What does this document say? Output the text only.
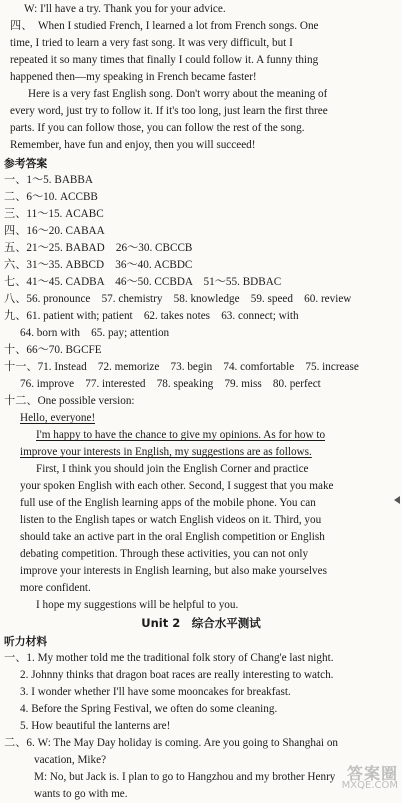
W: I'll have a try. Thank you for your advice.
四、　When I studied French, I learned a lot from French songs. One
time, I tried to learn a very fast song. It was very difficult, but I
repeated it so many times that finally I could follow it. A funny thing
happened then—my speaking in French became faster!
Here is a very fast English song. Don't worry about the meaning of
every word, just try to follow it. If it's too long, just learn the first three
parts. If you can follow those, you can follow the rest of the song.
Remember, have fun and enjoy, then you will succeed!
参考答案
一、1～5. BABBA
二、6～10. ACCBB
三、11～15. ACABC
四、16～20. CABAA
五、21～25. BABAD　26～30. CBCCB
六、31～35. ABBCD　36～40. ACBDC
七、41～45. CADBA　46～50. CCBDA　51～55. BDBAC
八、56. pronounce　57. chemistry　58. knowledge　59. speed　60. review
九、61. patient with; patient　62. takes notes　63. connect; with
64. born with　65. pay; attention
十、66～70. BGCFE
十一、71. Instead　72. memorize　73. begin　74. comfortable　75. increase
76. improve　77. interested　78. speaking　79. miss　80. perfect
十二、One possible version:
Hello, everyone!
I'm happy to have the chance to give my opinions. As for how to
improve your interests in English, my suggestions are as follows.
First, I think you should join the English Corner and practice
your spoken English with each other. Second, I suggest that you make
full use of the English learning apps of the mobile phone. You can
listen to the English tapes or watch English videos on it. Third, you
should take an active part in the oral English competition or English
debating competition. Through these activities, you can not only
improve your interests in English learning, but also make yourselves
more confident.
I hope my suggestions will be helpful to you.
Unit 2　综合水平测试
听力材料
一、1. My mother told me the traditional folk story of Chang'e last night.
2. Johnny thinks that dragon boat races are really interesting to watch.
3. I wonder whether I'll have some mooncakes for breakfast.
4. Before the Spring Festival, we often do some cleaning.
5. How beautiful the lanterns are!
二、6. W: The May Day holiday is coming. Are you going to Shanghai on
vacation, Mike?
M: No, but Jack is. I plan to go to Hangzhou and my brother Henry
wants to go with me.
答案圈
MXQE.COM
